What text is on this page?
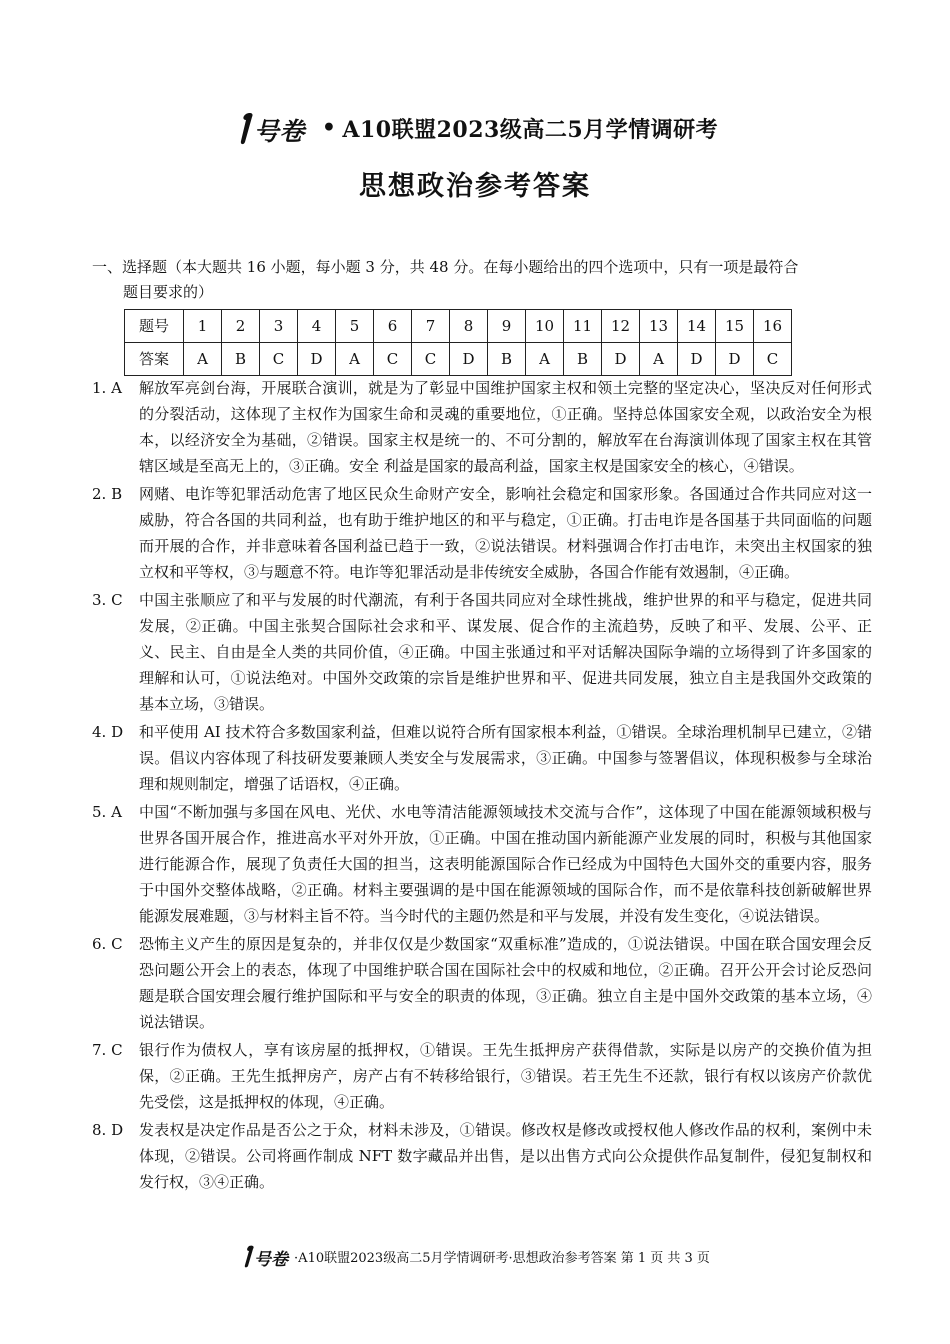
号卷 • A10联盟2023级高二5月学情调研考
思想政治参考答案

一、选择题（本大题共 16 小题，每小题 3 分，共 48 分。在每小题给出的四个选项中，只有一项是最符合
题目要求的）

题号	1	2	3	4	5	6	7	8	9	10	11	12	13	14	15	16
答案	A	B	C	D	A	C	C	D	B	A	B	D	A	D	D	C
1. A	解放军亮剑台海，开展联合演训，就是为了彰显中国维护国家主权和领土完整的坚定决心，坚决反对任何形式的分裂活动，这体现了主权作为国家生命和灵魂的重要地位，①正确。坚持总体国家安全观，以政治安全为根本，以经济安全为基础，②错误。国家主权是统一的、不可分割的，解放军在台海演训体现了国家主权在其管辖区域是至高无上的，③正确。安全 利益是国家的最高利益，国家主权是国家安全的核心，④错误。
2. B	网赌、电诈等犯罪活动危害了地区民众生命财产安全，影响社会稳定和国家形象。各国通过合作共同应对这一威胁，符合各国的共同利益，也有助于维护地区的和平与稳定，①正确。打击电诈是各国基于共同面临的问题而开展的合作，并非意味着各国利益已趋于一致，②说法错误。材料强调合作打击电诈，未突出主权国家的独立权和平等权，③与题意不符。电诈等犯罪活动是非传统安全威胁，各国合作能有效遏制，④正确。
3. C	中国主张顺应了和平与发展的时代潮流，有利于各国共同应对全球性挑战，维护世界的和平与稳定，促进共同发展，②正确。中国主张契合国际社会求和平、谋发展、促合作的主流趋势，反映了和平、发展、公平、正义、民主、自由是全人类的共同价值，④正确。中国主张通过和平对话解决国际争端的立场得到了许多国家的理解和认可，①说法绝对。中国外交政策的宗旨是维护世界和平、促进共同发展，独立自主是我国外交政策的基本立场，③错误。
4. D	和平使用 AI 技术符合多数国家利益，但难以说符合所有国家根本利益，①错误。全球治理机制早已建立，②错误。倡议内容体现了科技研发要兼顾人类安全与发展需求，③正确。中国参与签署倡议，体现积极参与全球治理和规则制定，增强了话语权，④正确。
5. A	中国“不断加强与多国在风电、光伏、水电等清洁能源领域技术交流与合作”，这体现了中国在能源领域积极与世界各国开展合作，推进高水平对外开放，①正确。中国在推动国内新能源产业发展的同时，积极与其他国家进行能源合作，展现了负责任大国的担当，这表明能源国际合作已经成为中国特色大国外交的重要内容，服务于中国外交整体战略，②正确。材料主要强调的是中国在能源领域的国际合作，而不是依靠科技创新破解世界能源发展难题，③与材料主旨不符。当今时代的主题仍然是和平与发展，并没有发生变化，④说法错误。
6. C	恐怖主义产生的原因是复杂的，并非仅仅是少数国家“双重标准”造成的，①说法错误。中国在联合国安理会反恐问题公开会上的表态，体现了中国维护联合国在国际社会中的权威和地位，②正确。召开公开会讨论反恐问题是联合国安理会履行维护国际和平与安全的职责的体现，③正确。独立自主是中国外交政策的基本立场，④说法错误。
7. C	银行作为债权人，享有该房屋的抵押权，①错误。王先生抵押房产获得借款，实际是以房产的交换价值为担保，②正确。王先生抵押房产，房产占有不转移给银行，③错误。若王先生不还款，银行有权以该房产价款优先受偿，这是抵押权的体现，④正确。
8. D	发表权是决定作品是否公之于众，材料未涉及，①错误。修改权是修改或授权他人修改作品的权利，案例中未体现，②错误。公司将画作制成 NFT 数字藏品并出售，是以出售方式向公众提供作品复制件，侵犯复制权和发行权，③④正确。
号卷 ·A10联盟2023级高二5月学情调研考·思想政治参考答案 第 1 页 共 3 页
